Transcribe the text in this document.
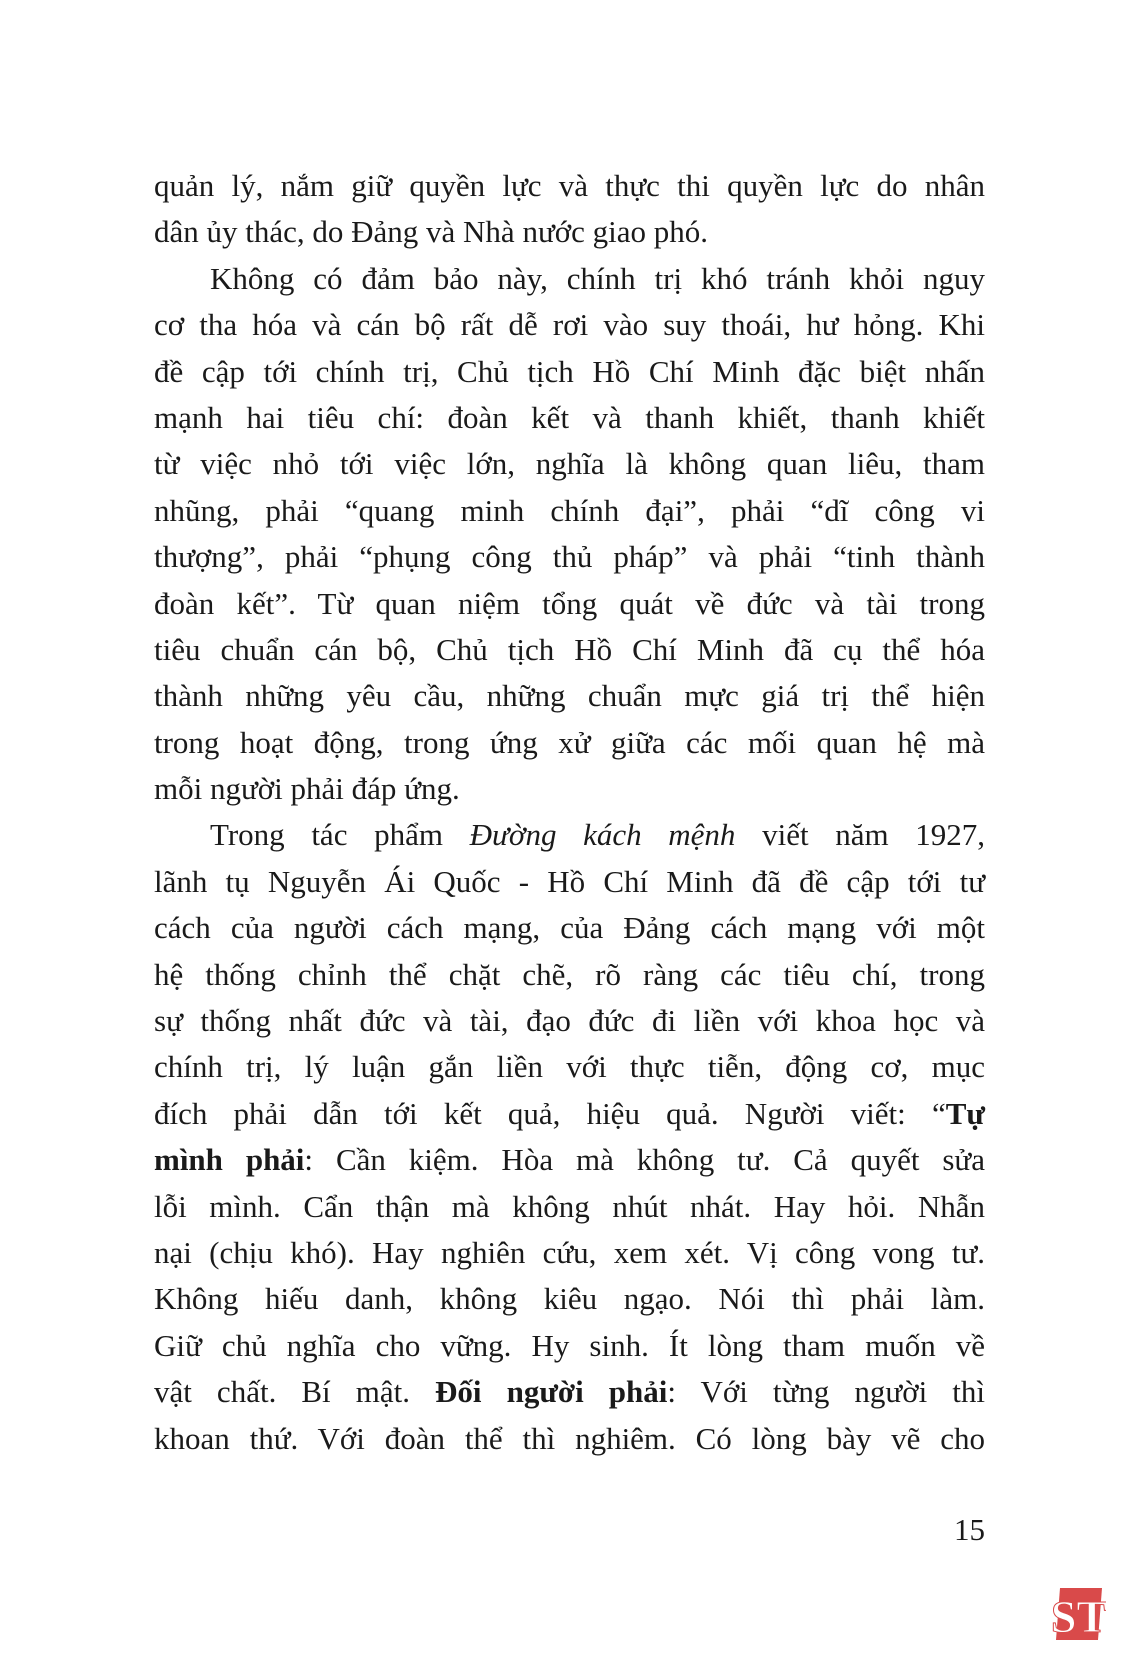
quản lý, nắm giữ quyền lực và thực thi quyền lực do nhân
dân ủy thác, do Đảng và Nhà nước giao phó.
Không có đảm bảo này, chính trị khó tránh khỏi nguy
cơ tha hóa và cán bộ rất dễ rơi vào suy thoái, hư hỏng. Khi
đề cập tới chính trị, Chủ tịch Hồ Chí Minh đặc biệt nhấn
mạnh hai tiêu chí: đoàn kết và thanh khiết, thanh khiết
từ việc nhỏ tới việc lớn, nghĩa là không quan liêu, tham
nhũng, phải “quang minh chính đại”, phải “dĩ công vi
thượng”, phải “phụng công thủ pháp” và phải “tinh thành
đoàn kết”. Từ quan niệm tổng quát về đức và tài trong
tiêu chuẩn cán bộ, Chủ tịch Hồ Chí Minh đã cụ thể hóa
thành những yêu cầu, những chuẩn mực giá trị thể hiện
trong hoạt động, trong ứng xử giữa các mối quan hệ mà
mỗi người phải đáp ứng.
Trong tác phẩm Đường kách mệnh viết năm 1927,
lãnh tụ Nguyễn Ái Quốc - Hồ Chí Minh đã đề cập tới tư
cách của người cách mạng, của Đảng cách mạng với một
hệ thống chỉnh thể chặt chẽ, rõ ràng các tiêu chí, trong
sự thống nhất đức và tài, đạo đức đi liền với khoa học và
chính trị, lý luận gắn liền với thực tiễn, động cơ, mục
đích phải dẫn tới kết quả, hiệu quả. Người viết: “Tự
mình phải: Cần kiệm. Hòa mà không tư. Cả quyết sửa
lỗi mình. Cẩn thận mà không nhút nhát. Hay hỏi. Nhẫn
nại (chịu khó). Hay nghiên cứu, xem xét. Vị công vong tư.
Không hiếu danh, không kiêu ngạo. Nói thì phải làm.
Giữ chủ nghĩa cho vững. Hy sinh. Ít lòng tham muốn về
vật chất. Bí mật. Đối người phải: Với từng người thì
khoan thứ. Với đoàn thể thì nghiêm. Có lòng bày vẽ cho
15
ST
